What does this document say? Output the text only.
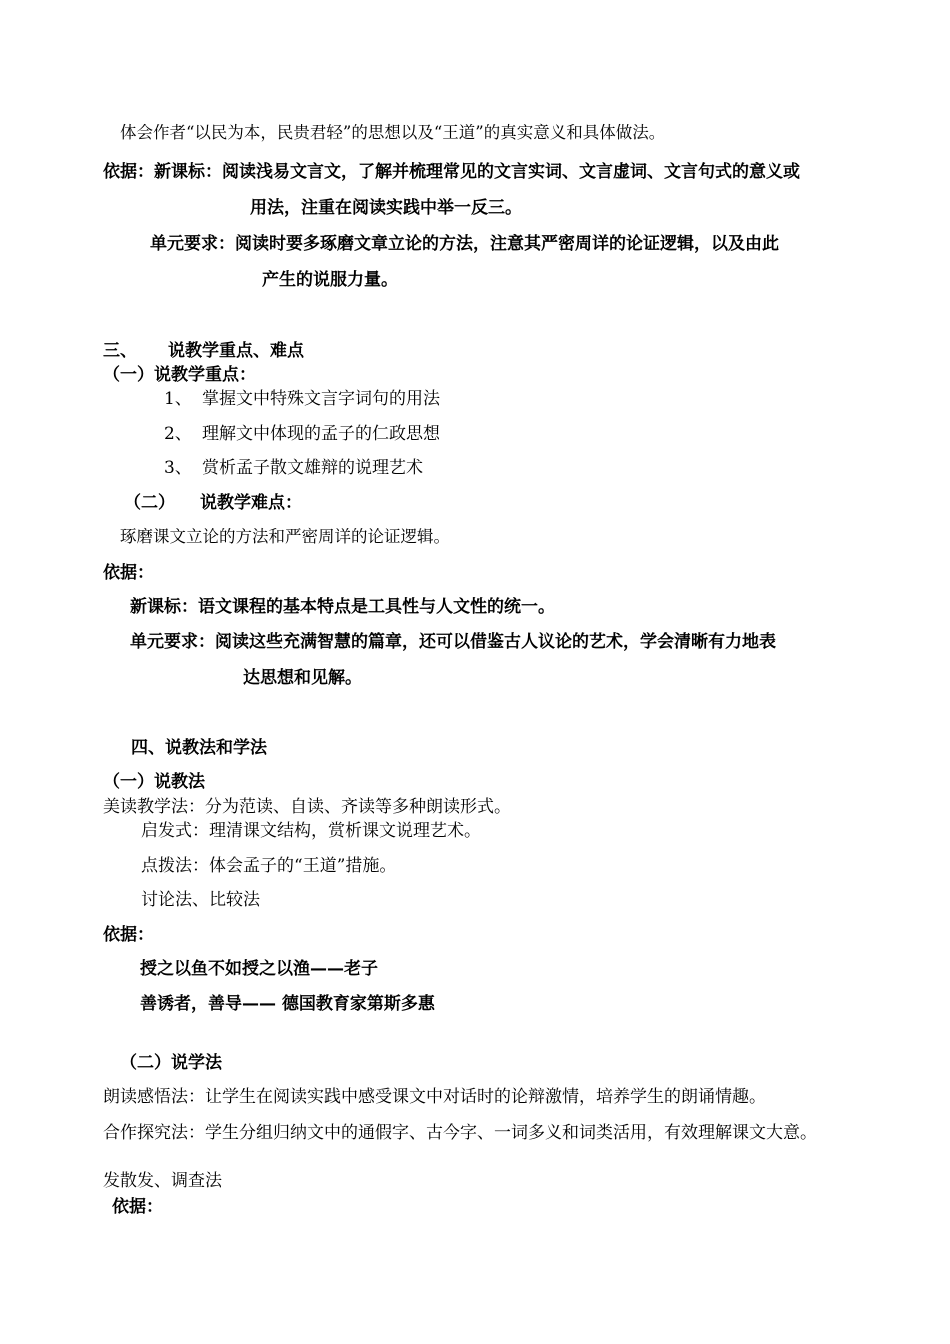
体会作者“以民为本，民贵君轻”的思想以及“王道”的真实意义和具体做法。
依据：新课标：阅读浅易文言文，了解并梳理常见的文言实词、文言虚词、文言句式的意义或
用法，注重在阅读实践中举一反三。
单元要求：阅读时要多琢磨文章立论的方法，注意其严密周详的论证逻辑，以及由此
产生的说服力量。
三、 说教学重点、难点
（一）说教学重点：
1、 掌握文中特殊文言字词句的用法
2、 理解文中体现的孟子的仁政思想
3、 赏析孟子散文雄辩的说理艺术
（二） 说教学难点：
琢磨课文立论的方法和严密周详的论证逻辑。
依据：
新课标：语文课程的基本特点是工具性与人文性的统一。
单元要求：阅读这些充满智慧的篇章，还可以借鉴古人议论的艺术，学会清晰有力地表
达思想和见解。
四、说教法和学法
（一）说教法
美读教学法：分为范读、自读、齐读等多种朗读形式。
启发式：理清课文结构，赏析课文说理艺术。
点拨法：体会孟子的“王道”措施。
讨论法、比较法
依据：
授之以鱼不如授之以渔——老子
善诱者，善导—— 德国教育家第斯多惠
（二）说学法
朗读感悟法：让学生在阅读实践中感受课文中对话时的论辩激情，培养学生的朗诵情趣。
合作探究法：学生分组归纳文中的通假字、古今字、一词多义和词类活用，有效理解课文大意。
发散发、调查法
依据：
